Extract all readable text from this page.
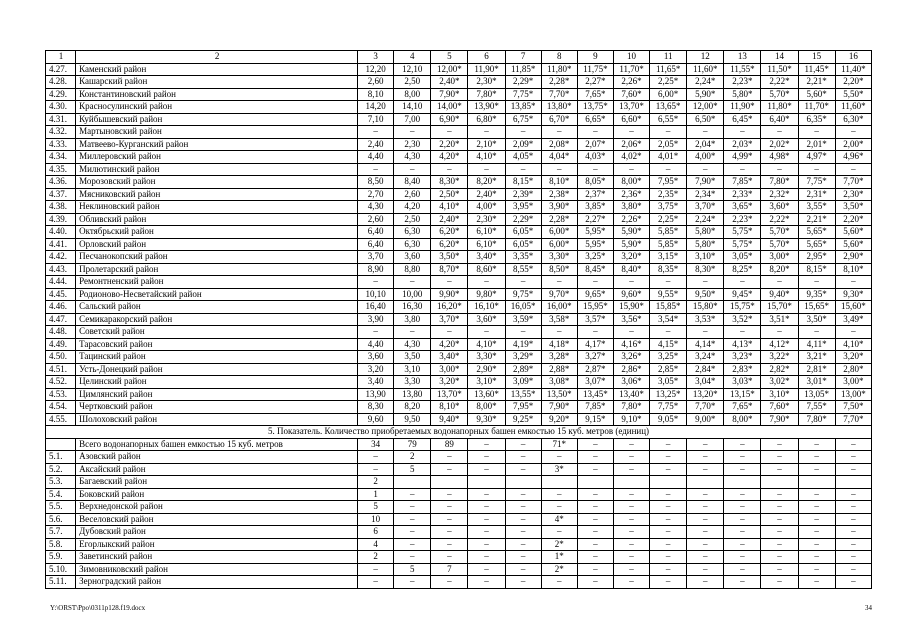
1	2	3	4	5	6	7	8	9	10	11	12	13	14	15	16
4.27.	Каменский район	12,20	12,10	12,00*	11,90*	11,85*	11,80*	11,75*	11,70*	11,65*	11,60*	11,55*	11,50*	11,45*	11,40*
4.28.	Кашарский район	2,60	2,50	2,40*	2,30*	2,29*	2,28*	2,27*	2,26*	2,25*	2,24*	2,23*	2,22*	2,21*	2,20*
4.29.	Константиновский район	8,10	8,00	7,90*	7,80*	7,75*	7,70*	7,65*	7,60*	6,00*	5,90*	5,80*	5,70*	5,60*	5,50*
4.30.	Красносулинский район	14,20	14,10	14,00*	13,90*	13,85*	13,80*	13,75*	13,70*	13,65*	12,00*	11,90*	11,80*	11,70*	11,60*
4.31.	Куйбышевский район	7,10	7,00	6,90*	6,80*	6,75*	6,70*	6,65*	6,60*	6,55*	6,50*	6,45*	6,40*	6,35*	6,30*
4.32.	Мартыновский район	–	–	–	–	–	–	–	–	–	–	–	–	–	–
4.33.	Матвеево-Курганский район	2,40	2,30	2,20*	2,10*	2,09*	2,08*	2,07*	2,06*	2,05*	2,04*	2,03*	2,02*	2,01*	2,00*
4.34.	Миллеровский район	4,40	4,30	4,20*	4,10*	4,05*	4,04*	4,03*	4,02*	4,01*	4,00*	4,99*	4,98*	4,97*	4,96*
4.35.	Милютинский район	–	–	–	–	–	–	–	–	–	–	–	–	–	–
4.36.	Морозовский район	8,50	8,40	8,30*	8,20*	8,15*	8,10*	8,05*	8,00*	7,95*	7,90*	7,85*	7,80*	7,75*	7,70*
4.37.	Мясниковский район	2,70	2,60	2,50*	2,40*	2,39*	2,38*	2,37*	2,36*	2,35*	2,34*	2,33*	2,32*	2,31*	2,30*
4.38.	Неклиновский район	4,30	4,20	4,10*	4,00*	3,95*	3,90*	3,85*	3,80*	3,75*	3,70*	3,65*	3,60*	3,55*	3,50*
4.39.	Обливский район	2,60	2,50	2,40*	2,30*	2,29*	2,28*	2,27*	2,26*	2,25*	2,24*	2,23*	2,22*	2,21*	2,20*
4.40.	Октябрьский район	6,40	6,30	6,20*	6,10*	6,05*	6,00*	5,95*	5,90*	5,85*	5,80*	5,75*	5,70*	5,65*	5,60*
4.41.	Орловский район	6,40	6,30	6,20*	6,10*	6,05*	6,00*	5,95*	5,90*	5,85*	5,80*	5,75*	5,70*	5,65*	5,60*
4.42.	Песчанокопский район	3,70	3,60	3,50*	3,40*	3,35*	3,30*	3,25*	3,20*	3,15*	3,10*	3,05*	3,00*	2,95*	2,90*
4.43.	Пролетарский район	8,90	8,80	8,70*	8,60*	8,55*	8,50*	8,45*	8,40*	8,35*	8,30*	8,25*	8,20*	8,15*	8,10*
4.44.	Ремонтненский район	–	–	–	–	–	–	–	–	–	–	–	–	–	–
4.45.	Родионово-Несветайский район	10,10	10,00	9,90*	9,80*	9,75*	9,70*	9,65*	9,60*	9,55*	9,50*	9,45*	9,40*	9,35*	9,30*
4.46.	Сальский район	16,40	16,30	16,20*	16,10*	16,05*	16,00*	15,95*	15,90*	15,85*	15,80*	15,75*	15,70*	15,65*	15,60*
4.47.	Семикаракорский район	3,90	3,80	3,70*	3,60*	3,59*	3,58*	3,57*	3,56*	3,54*	3,53*	3,52*	3,51*	3,50*	3,49*
4.48.	Советский район	–	–	–	–	–	–	–	–	–	–	–	–	–	–
4.49.	Тарасовский район	4,40	4,30	4,20*	4,10*	4,19*	4,18*	4,17*	4,16*	4,15*	4,14*	4,13*	4,12*	4,11*	4,10*
4.50.	Тацинский район	3,60	3,50	3,40*	3,30*	3,29*	3,28*	3,27*	3,26*	3,25*	3,24*	3,23*	3,22*	3,21*	3,20*
4.51.	Усть-Донецкий район	3,20	3,10	3,00*	2,90*	2,89*	2,88*	2,87*	2,86*	2,85*	2,84*	2,83*	2,82*	2,81*	2,80*
4.52.	Целинский район	3,40	3,30	3,20*	3,10*	3,09*	3,08*	3,07*	3,06*	3,05*	3,04*	3,03*	3,02*	3,01*	3,00*
4.53.	Цимлянский район	13,90	13,80	13,70*	13,60*	13,55*	13,50*	13,45*	13,40*	13,25*	13,20*	13,15*	3,10*	13,05*	13,00*
4.54.	Чертковский район	8,30	8,20	8,10*	8,00*	7,95*	7,90*	7,85*	7,80*	7,75*	7,70*	7,65*	7,60*	7,55*	7,50*
4.55.	Шолоховский район	9,60	9,50	9,40*	9,30*	9,25*	9,20*	9,15*	9,10*	9,05*	9,00*	8,00*	7,90*	7,80*	7,70*
5. Показатель. Количество приобретаемых водонапорных башен емкостью 15 куб. метров (единиц)															
	Всего водонапорных башен емкостью 15 куб. метров	34	79	89	–	–	71*	–	–	–	–	–	–	–	–
5.1.	Азовский район	–	2	–	–	–	–	–	–	–	–	–	–	–	–
5.2.	Аксайский район	–	5	–	–	–	3*	–	–	–	–	–	–	–	–
5.3.	Багаевский район	2													
5.4.	Боковский район	1	–	–	–	–	–	–	–	–	–	–	–	–	–
5.5.	Верхнедонской район	5	–	–	–	–	–	–	–	–	–	–	–	–	–
5.6.	Веселовский район	10	–	–	–	–	4*	–	–	–	–	–	–	–	–
5.7.	Дубовский район	6	–	–	–	–	–	–	–	–	–	–	–	–	–
5.8.	Егорлыкский район	4	–	–	–	–	2*	–	–	–	–	–	–	–	–
5.9.	Заветинский район	2	–	–	–	–	1*	–	–	–	–	–	–	–	–
5.10.	Зимовниковский район	–	5	7	–	–	2*	–	–	–	–	–	–	–	–
5.11.	Зерноградский район	–	–	–	–	–	–	–	–	–	–	–	–	–	–
Y:\ORST\Ppo\0311p128.f19.docx	34
